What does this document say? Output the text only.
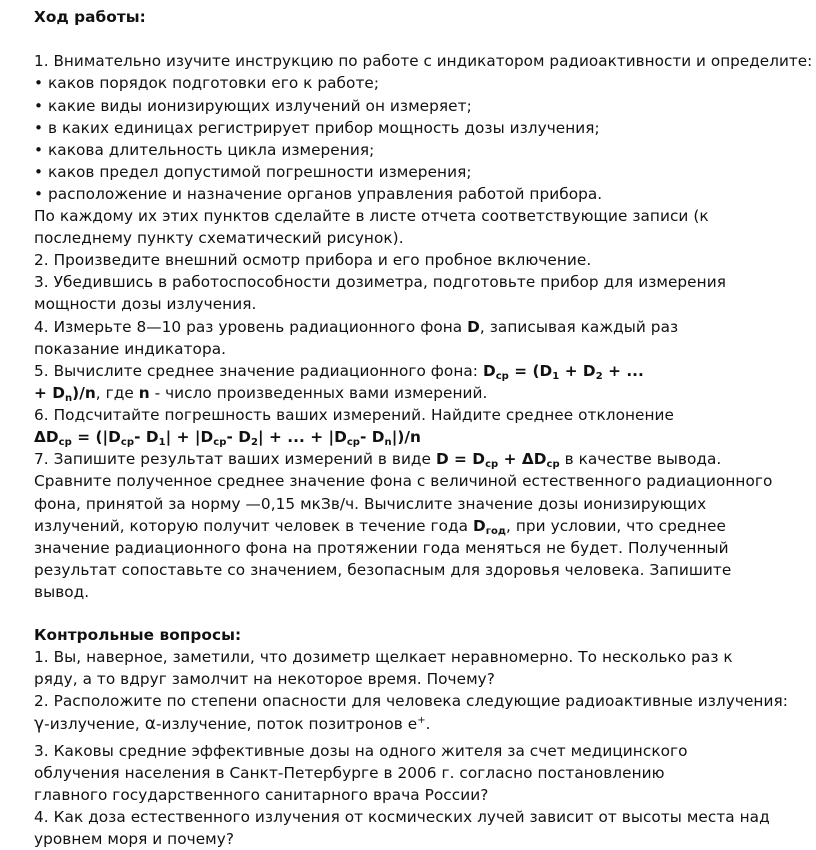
Ход работы:
1. Внимательно изучите инструкцию по работе с индикатором радиоактивности и определите:
• каков порядок подготовки его к работе;
• какие виды ионизирующих излучений он измеряет;
• в каких единицах регистрирует прибор мощность дозы излучения;
• какова длительность цикла измерения;
• каков предел допустимой погрешности измерения;
• расположение и назначение органов управления работой прибора.
По каждому их этих пунктов сделайте в листе отчета соответствующие записи (к
последнему пункту схематический рисунок).
2. Произведите внешний осмотр прибора и его пробное включение.
3. Убедившись в работоспособности дозиметра, подготовьте прибор для измерения
мощности дозы излучения.
4. Измерьте 8—10 раз уровень радиационного фона D, записывая каждый раз
показание индикатора.
5. Вычислите среднее значение радиационного фона: $D_{ср} = (D_1 + D_2$ + ...
+ $D_n)/n$, где n - число произведенных вами измерений.
6. Подсчитайте погрешность ваших измерений. Найдите среднее отклонение
$\Delta D_{ср} = (|D_{ср}-$ $D_1| + |D_{ср}-$ $D_2|$ + ... + $|D_{ср}-$ $D_n|)/n$
7. Запишите результат ваших измерений в виде $D = D_{ср} + \Delta D_{ср}$ в качестве вывода.
Сравните полученное среднее значение фона с величиной естественного радиационного
фона, принятой за норму —0,15 мкЗв/ч. Вычислите значение дозы ионизирующих
излучений, которую получит человек в течение года $D_{год}$, при условии, что среднее
значение радиационного фона на протяжении года меняться не будет. Полученный
результат сопоставьте со значением, безопасным для здоровья человека. Запишите
вывод.
Контрольные вопросы:
1. Вы, наверное, заметили, что дозиметр щелкает неравномерно. То несколько раз к
ряду, а то вдруг замолчит на некоторое время. Почему?
2. Расположите по степени опасности для человека следующие радиоактивные излучения:
γ-излучение, α-излучение, поток позитронов е+.
3. Каковы средние эффективные дозы на одного жителя за счет медицинского
облучения населения в Санкт-Петербурге в 2006 г. согласно постановлению
главного государственного санитарного врача России?
4. Как доза естественного излучения от космических лучей зависит от высоты места над
уровнем моря и почему?
